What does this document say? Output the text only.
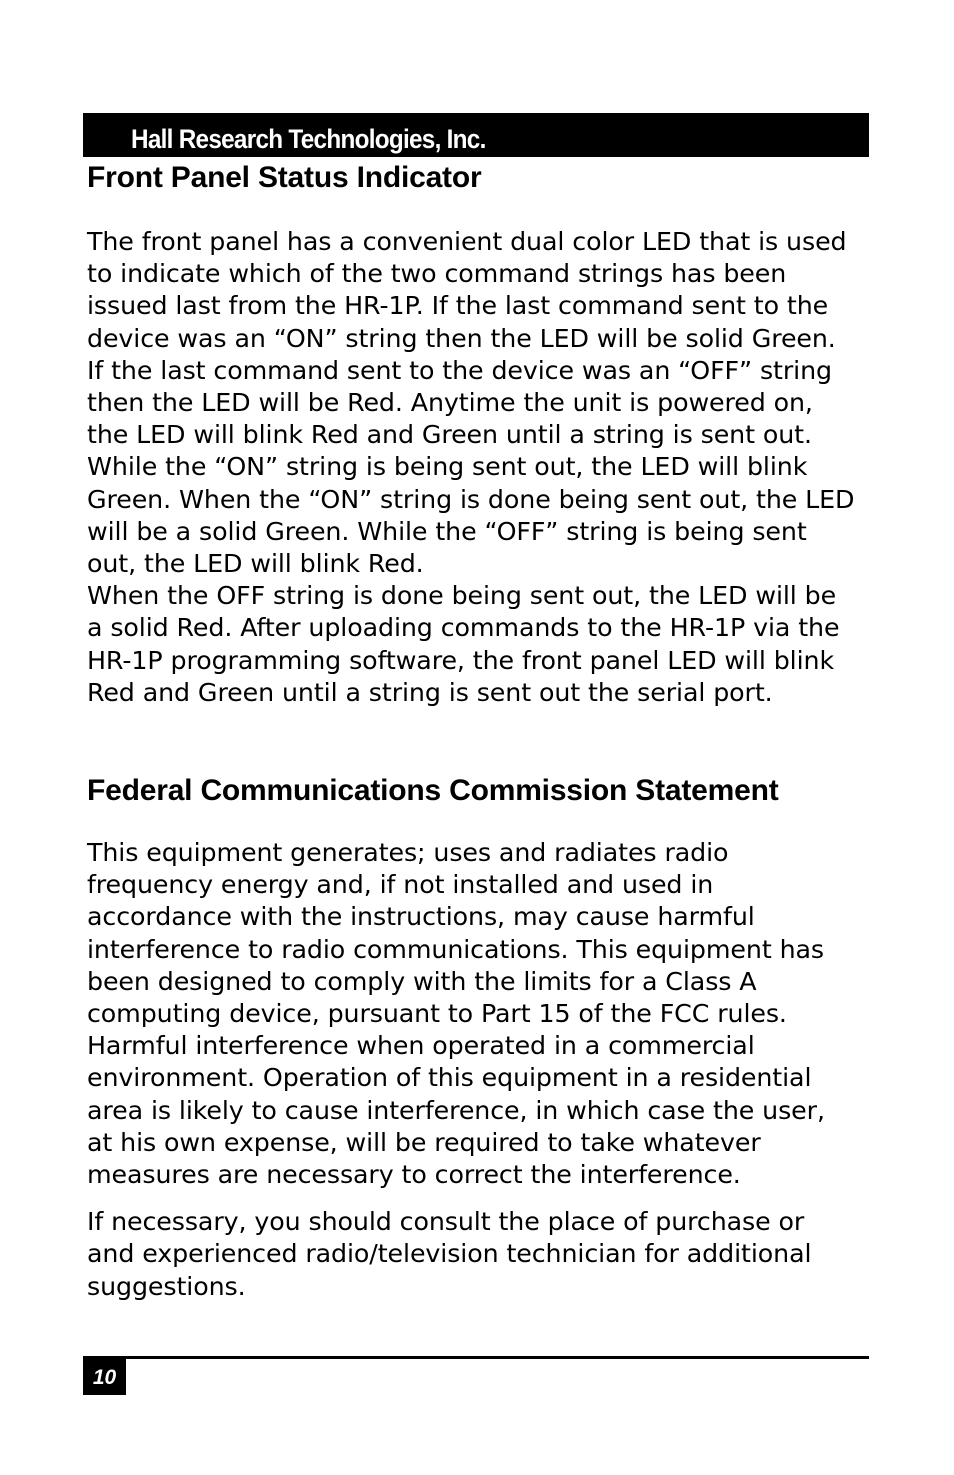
Hall Research Technologies, Inc.
Front Panel Status Indicator

The front panel has a convenient dual color LED that is used
to indicate which of the two command strings has been
issued last from the HR-1P. If the last command sent to the
device was an “ON” string then the LED will be solid Green.
If the last command sent to the device was an “OFF” string
then the LED will be Red. Anytime the unit is powered on,
the LED will blink Red and Green until a string is sent out.
While the “ON” string is being sent out, the LED will blink
Green. When the “ON” string is done being sent out, the LED
will be a solid Green. While the “OFF” string is being sent
out, the LED will blink Red.
When the OFF string is done being sent out, the LED will be
a solid Red. After uploading commands to the HR-1P via the
HR-1P programming software, the front panel LED will blink
Red and Green until a string is sent out the serial port.

Federal Communications Commission Statement

This equipment generates; uses and radiates radio
frequency energy and, if not installed and used in
accordance with the instructions, may cause harmful
interference to radio communications. This equipment has
been designed to comply with the limits for a Class A
computing device, pursuant to Part 15 of the FCC rules.
Harmful interference when operated in a commercial
environment. Operation of this equipment in a residential
area is likely to cause interference, in which case the user,
at his own expense, will be required to take whatever
measures are necessary to correct the interference.

If necessary, you should consult the place of purchase or
and experienced radio/television technician for additional
suggestions.

10
